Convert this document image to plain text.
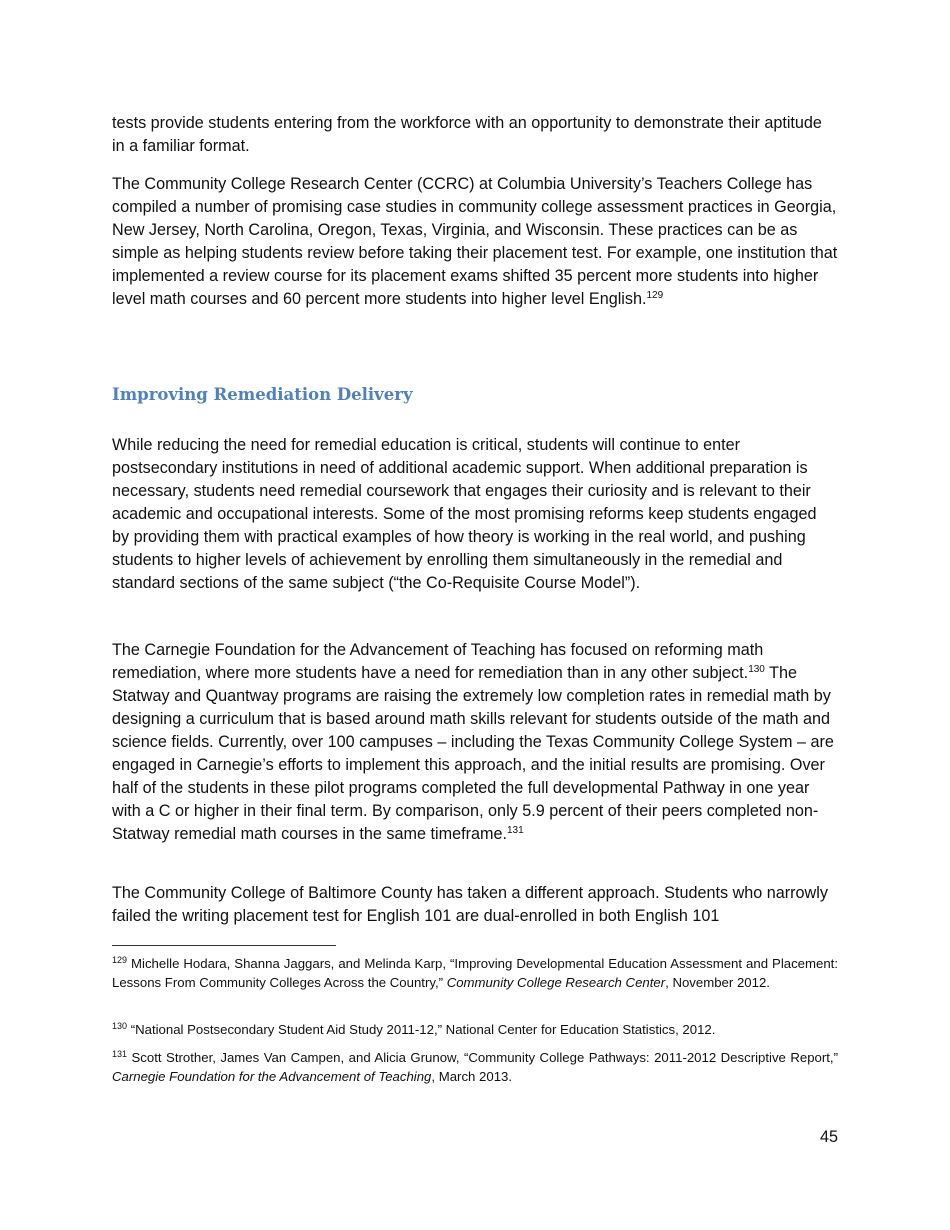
tests provide students entering from the workforce with an opportunity to demonstrate their aptitude in a familiar format.

The Community College Research Center (CCRC) at Columbia University’s Teachers College has compiled a number of promising case studies in community college assessment practices in Georgia, New Jersey, North Carolina, Oregon, Texas, Virginia, and Wisconsin. These practices can be as simple as helping students review before taking their placement test. For example, one institution that implemented a review course for its placement exams shifted 35 percent more students into higher level math courses and 60 percent more students into higher level English.$^{129}$

Improving Remediation Delivery

While reducing the need for remedial education is critical, students will continue to enter postsecondary institutions in need of additional academic support. When additional preparation is necessary, students need remedial coursework that engages their curiosity and is relevant to their academic and occupational interests. Some of the most promising reforms keep students engaged by providing them with practical examples of how theory is working in the real world, and pushing students to higher levels of achievement by enrolling them simultaneously in the remedial and standard sections of the same subject (“the Co-Requisite Course Model”).

The Carnegie Foundation for the Advancement of Teaching has focused on reforming math remediation, where more students have a need for remediation than in any other subject.$^{130}$ The Statway and Quantway programs are raising the extremely low completion rates in remedial math by designing a curriculum that is based around math skills relevant for students outside of the math and science fields. Currently, over 100 campuses – including the Texas Community College System – are engaged in Carnegie’s efforts to implement this approach, and the initial results are promising. Over half of the students in these pilot programs completed the full developmental Pathway in one year with a C or higher in their final term. By comparison, only 5.9 percent of their peers completed non-Statway remedial math courses in the same timeframe.$^{131}$

The Community College of Baltimore County has taken a different approach. Students who narrowly failed the writing placement test for English 101 are dual-enrolled in both English 101

$^{129}$ Michelle Hodara, Shanna Jaggars, and Melinda Karp, “Improving Developmental Education Assessment and Placement: Lessons From Community Colleges Across the Country,” Community College Research Center, November 2012.

$^{130}$ “National Postsecondary Student Aid Study 2011-12,” National Center for Education Statistics, 2012.

$^{131}$ Scott Strother, James Van Campen, and Alicia Grunow, “Community College Pathways: 2011-2012 Descriptive Report,” Carnegie Foundation for the Advancement of Teaching, March 2013.

45
